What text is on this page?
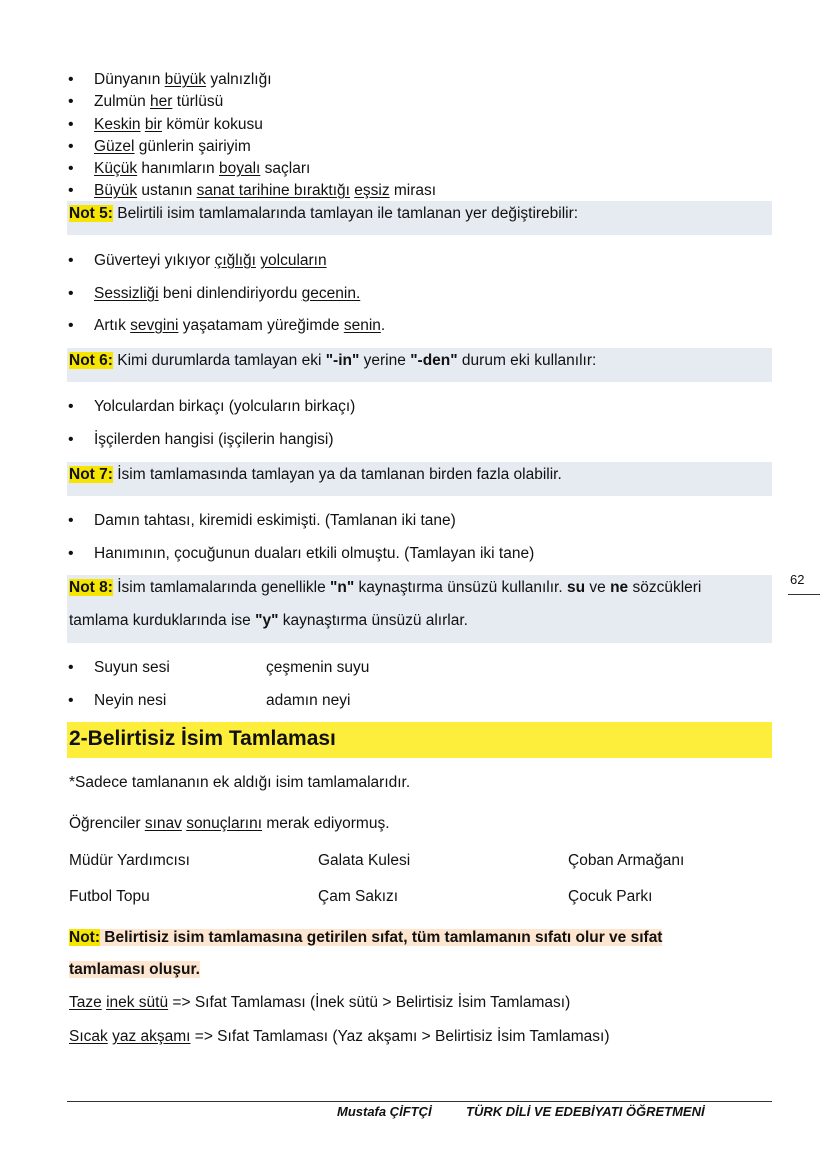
•Dünyanın büyük yalnızlığı
•Zulmün her türlüsü
•Keskin bir kömür kokusu
•Güzel günlerin şairiyim
•Küçük hanımların boyalı saçları
•Büyük ustanın sanat tarihine bıraktığı eşsiz mirası
Not 5: Belirtili isim tamlamalarında tamlayan ile tamlanan yer değiştirebilir:
•Güverteyi yıkıyor çığlığı yolcuların
•Sessizliği beni dinlendiriyordu gecenin.
•Artık sevgini yaşatamam yüreğimde senin.
Not 6: Kimi durumlarda tamlayan eki "-in" yerine "-den" durum eki kullanılır:
•Yolculardan birkaçı (yolcuların birkaçı)
•İşçilerden hangisi (işçilerin hangisi)
Not 7: İsim tamlamasında tamlayan ya da tamlanan birden fazla olabilir.
•Damın tahtası, kiremidi eskimişti. (Tamlanan iki tane)
•Hanımının, çocuğunun duaları etkili olmuştu. (Tamlayan iki tane)
Not 8: İsim tamlamalarında genellikle "n" kaynaştırma ünsüzü kullanılır. su ve ne sözcükleri
tamlama kurduklarında ise "y" kaynaştırma ünsüzü alırlar.
•Suyun sesi	çeşmenin suyu
•Neyin nesi	adamın neyi
2-Belirtisiz İsim Tamlaması
*Sadece tamlananın ek aldığı isim tamlamalarıdır.
Öğrenciler sınav sonuçlarını merak ediyormuş.
Müdür Yardımcısı	Galata Kulesi	Çoban Armağanı
Futbol Topu	Çam Sakızı	Çocuk Parkı
Not: Belirtisiz isim tamlamasına getirilen sıfat, tüm tamlamanın sıfatı olur ve sıfat
tamlaması oluşur.
Taze inek sütü => Sıfat Tamlaması (İnek sütü > Belirtisiz İsim Tamlaması)
Sıcak yaz akşamı => Sıfat Tamlaması (Yaz akşamı > Belirtisiz İsim Tamlaması)
62
Mustafa ÇİFTÇİ	TÜRK DİLİ VE EDEBİYATI ÖĞRETMENİ
